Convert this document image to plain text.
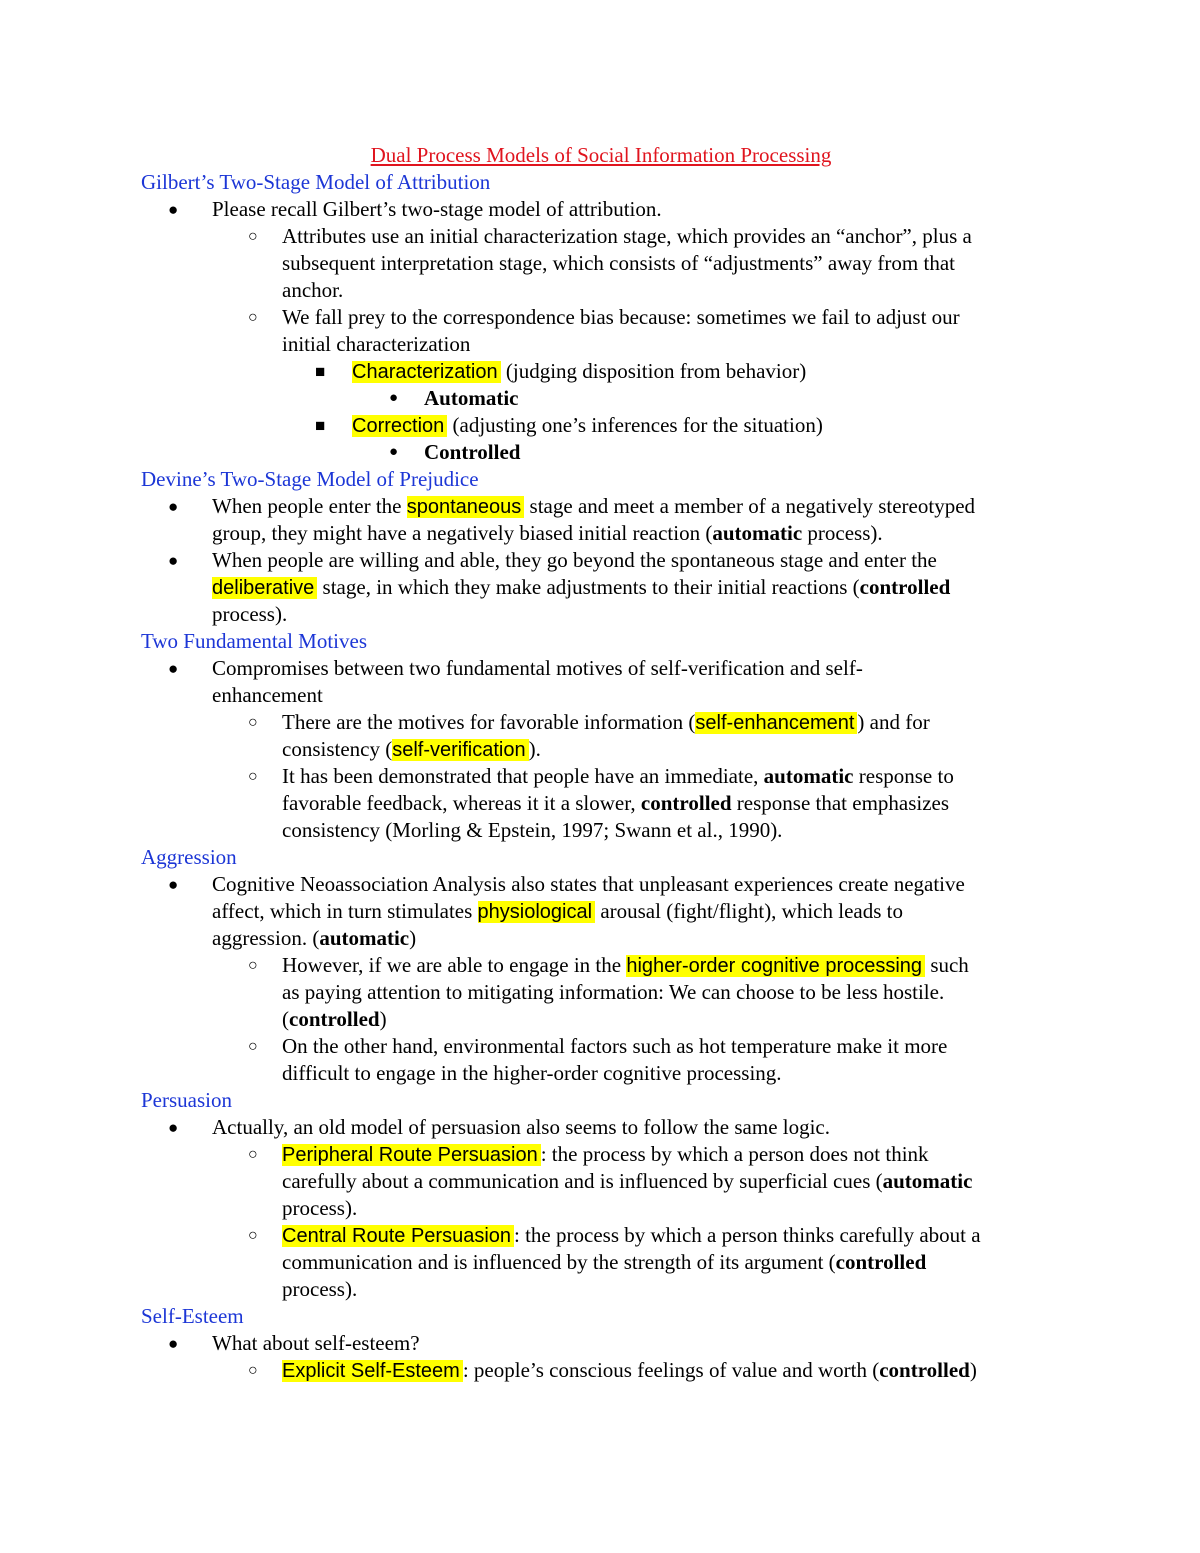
Dual Process Models of Social Information Processing
Gilbert’s Two-Stage Model of Attribution
● Please recall Gilbert’s two-stage model of attribution.
○ Attributes use an initial characterization stage, which provides an “anchor”, plus a
subsequent interpretation stage, which consists of “adjustments” away from that
anchor.
○ We fall prey to the correspondence bias because: sometimes we fail to adjust our
initial characterization
■ Characterization (judging disposition from behavior)
● Automatic
■ Correction (adjusting one’s inferences for the situation)
● Controlled
Devine’s Two-Stage Model of Prejudice
● When people enter the spontaneous stage and meet a member of a negatively stereotyped
group, they might have a negatively biased initial reaction (automatic process).
● When people are willing and able, they go beyond the spontaneous stage and enter the
deliberative stage, in which they make adjustments to their initial reactions (controlled
process).
Two Fundamental Motives
● Compromises between two fundamental motives of self-verification and self-
enhancement
○ There are the motives for favorable information (self-enhancement ) and for
consistency (self-verification ).
○ It has been demonstrated that people have an immediate, automatic response to
favorable feedback, whereas it it a slower, controlled response that emphasizes
consistency (Morling & Epstein, 1997; Swann et al., 1990).
Aggression
● Cognitive Neoassociation Analysis also states that unpleasant experiences create negative
affect, which in turn stimulates physiological arousal (fight/flight), which leads to
aggression. (automatic)
○ However, if we are able to engage in the higher-order cognitive processing such
as paying attention to mitigating information: We can choose to be less hostile.
(controlled)
○ On the other hand, environmental factors such as hot temperature make it more
difficult to engage in the higher-order cognitive processing.
Persuasion
● Actually, an old model of persuasion also seems to follow the same logic.
○ Peripheral Route Persuasion : the process by which a person does not think
carefully about a communication and is influenced by superficial cues (automatic
process).
○ Central Route Persuasion : the process by which a person thinks carefully about a
communication and is influenced by the strength of its argument (controlled
process).
Self-Esteem
● What about self-esteem?
○ Explicit Self-Esteem : people’s conscious feelings of value and worth (controlled)
